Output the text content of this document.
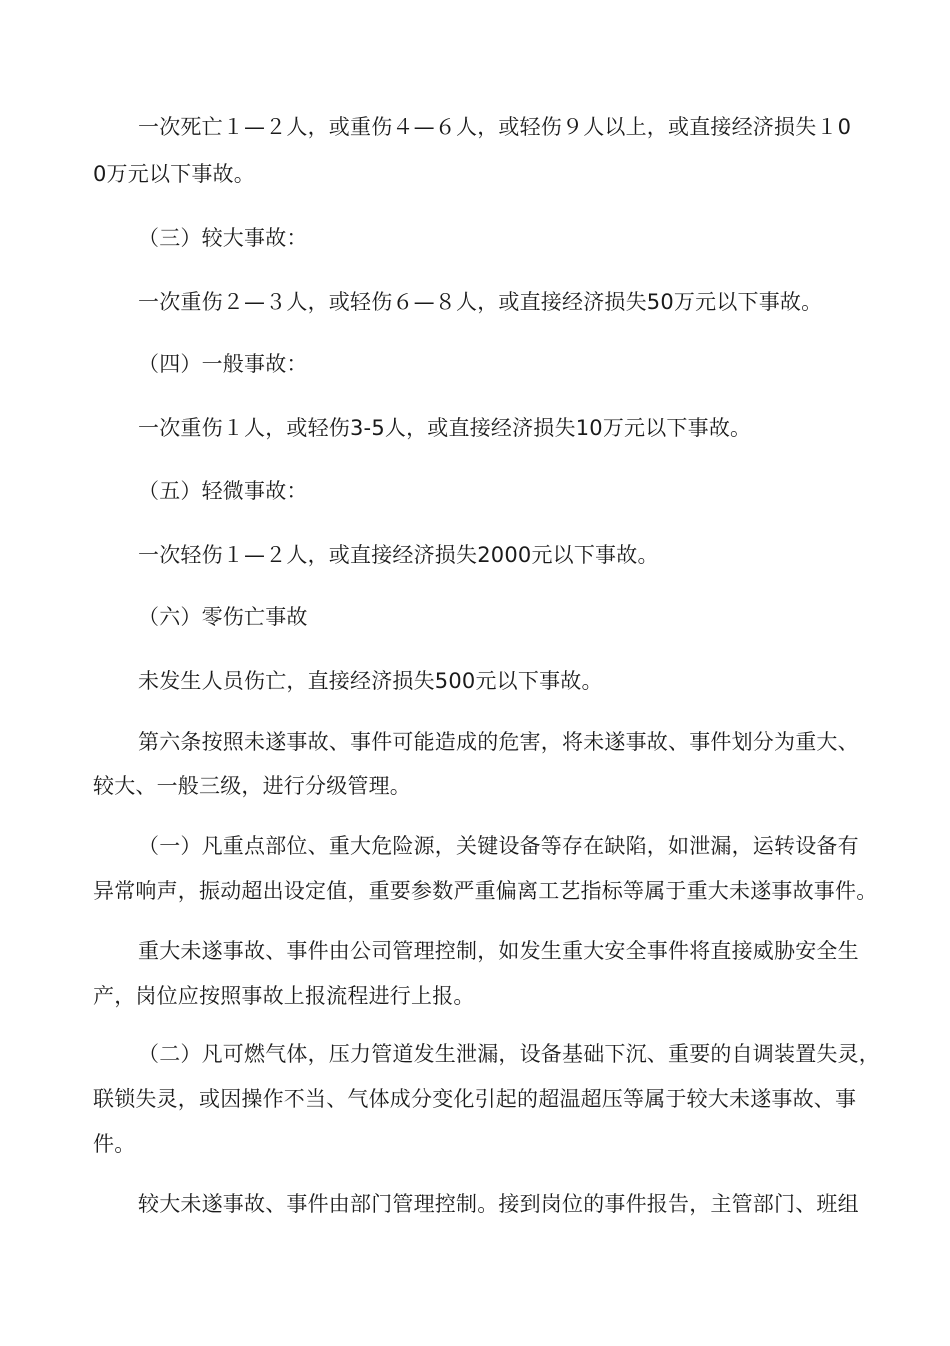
一次死亡１—２人，或重伤４—６人，或轻伤９人以上，或直接经济损失１0
0万元以下事故。
（三）较大事故：
一次重伤２—３人，或轻伤６—８人，或直接经济损失50万元以下事故。
（四）一般事故：
一次重伤１人，或轻伤3-5人，或直接经济损失10万元以下事故。
（五）轻微事故：
一次轻伤１—２人，或直接经济损失2000元以下事故。
（六）零伤亡事故
未发生人员伤亡，直接经济损失500元以下事故。
第六条按照未遂事故、事件可能造成的危害，将未遂事故、事件划分为重大、
较大、一般三级，进行分级管理。
（一）凡重点部位、重大危险源，关键设备等存在缺陷，如泄漏，运转设备有
异常响声，振动超出设定值，重要参数严重偏离工艺指标等属于重大未遂事故事件。
重大未遂事故、事件由公司管理控制，如发生重大安全事件将直接威胁安全生
产，岗位应按照事故上报流程进行上报。
（二）凡可燃气体，压力管道发生泄漏，设备基础下沉、重要的自调装置失灵，
联锁失灵，或因操作不当、气体成分变化引起的超温超压等属于较大未遂事故、事
件。
较大未遂事故、事件由部门管理控制。接到岗位的事件报告，主管部门、班组
